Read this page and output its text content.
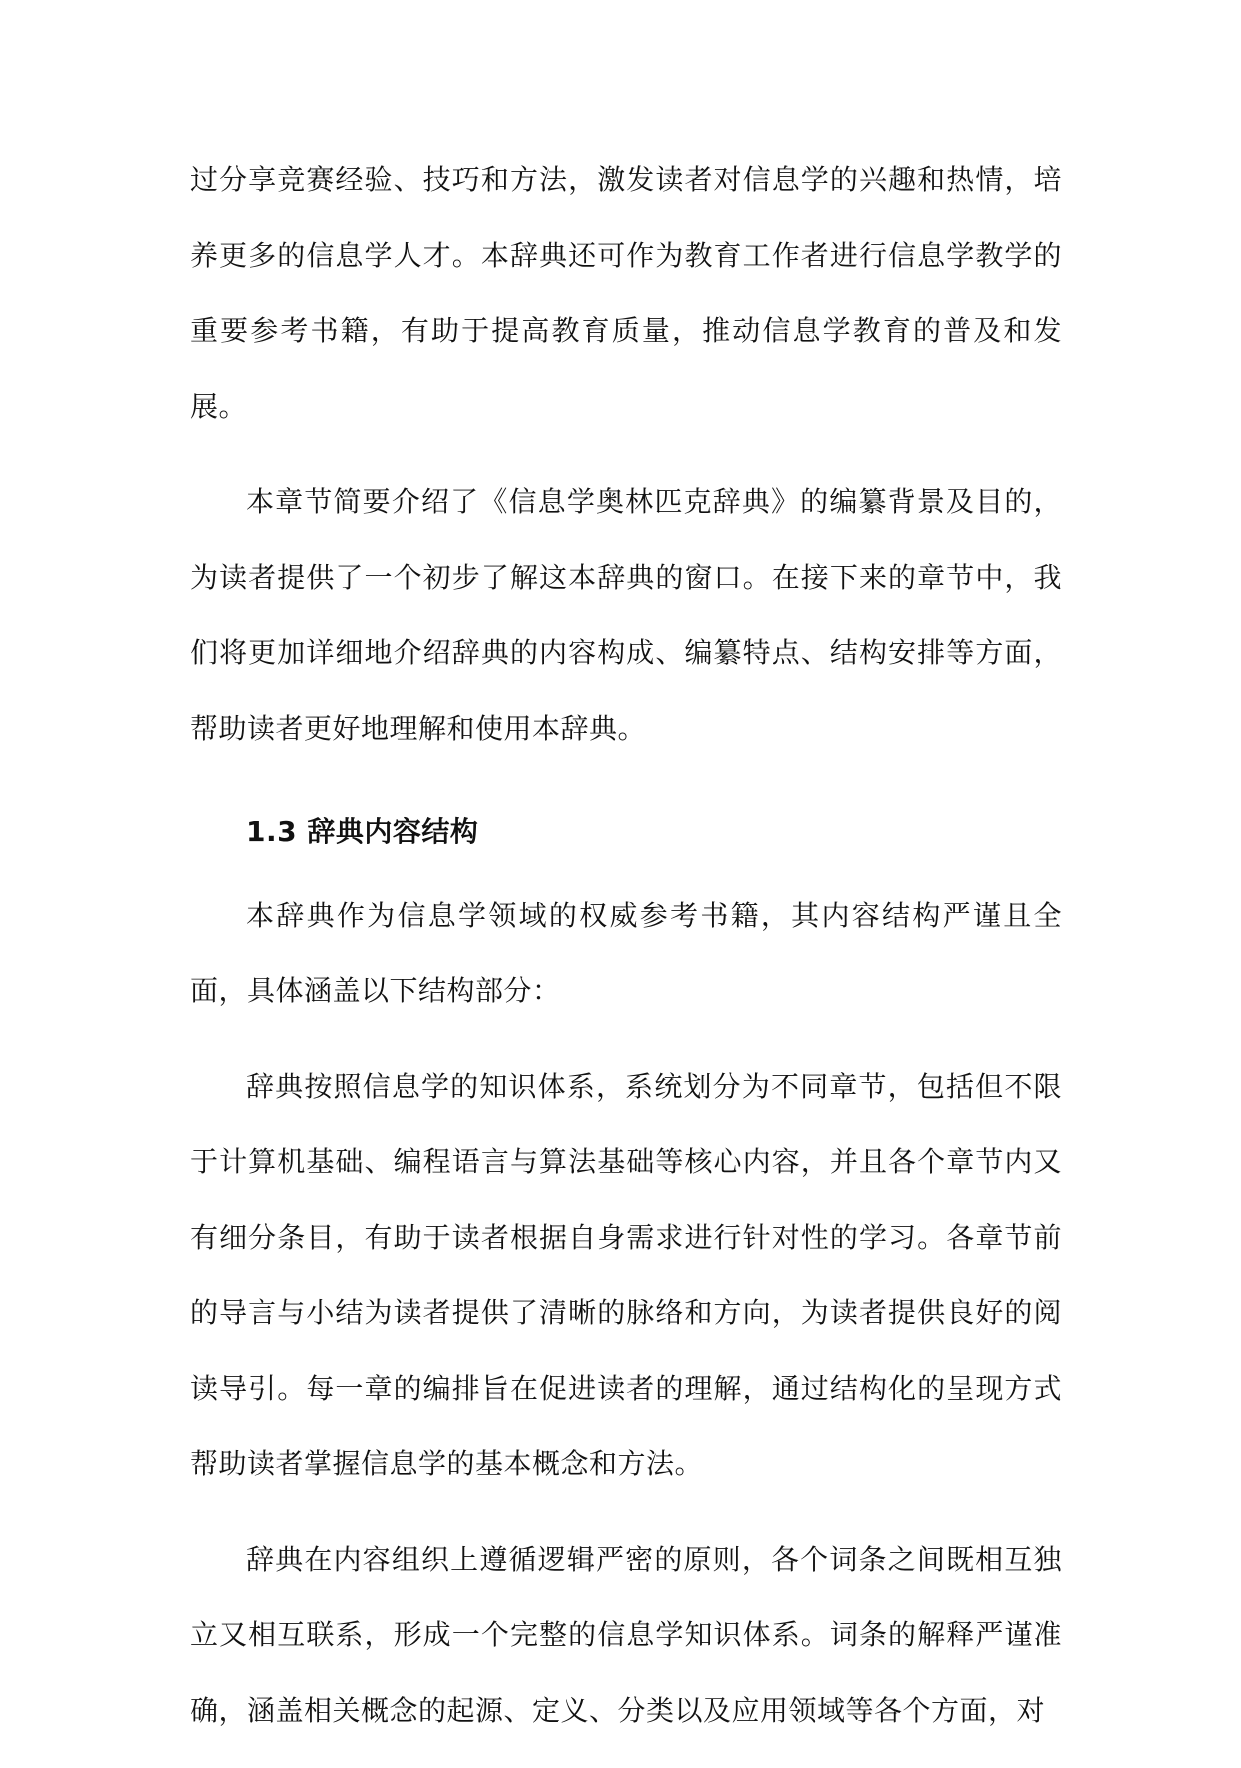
过分享竞赛经验、技巧和方法，激发读者对信息学的兴趣和热情，培养更多的信息学人才。本辞典还可作为教育工作者进行信息学教学的重要参考书籍，有助于提高教育质量，推动信息学教育的普及和发展。

本章节简要介绍了《信息学奥林匹克辞典》的编纂背景及目的，为读者提供了一个初步了解这本辞典的窗口。在接下来的章节中，我们将更加详细地介绍辞典的内容构成、编纂特点、结构安排等方面，帮助读者更好地理解和使用本辞典。

1.3 辞典内容结构

本辞典作为信息学领域的权威参考书籍，其内容结构严谨且全面，具体涵盖以下结构部分：

辞典按照信息学的知识体系，系统划分为不同章节，包括但不限于计算机基础、编程语言与算法基础等核心内容，并且各个章节内又有细分条目，有助于读者根据自身需求进行针对性的学习。各章节前的导言与小结为读者提供了清晰的脉络和方向，为读者提供良好的阅读导引。每一章的编排旨在促进读者的理解，通过结构化的呈现方式帮助读者掌握信息学的基本概念和方法。

辞典在内容组织上遵循逻辑严密的原则，各个词条之间既相互独立又相互联系，形成一个完整的信息学知识体系。词条的解释严谨准确，涵盖相关概念的起源、定义、分类以及应用领域等各个方面，对
